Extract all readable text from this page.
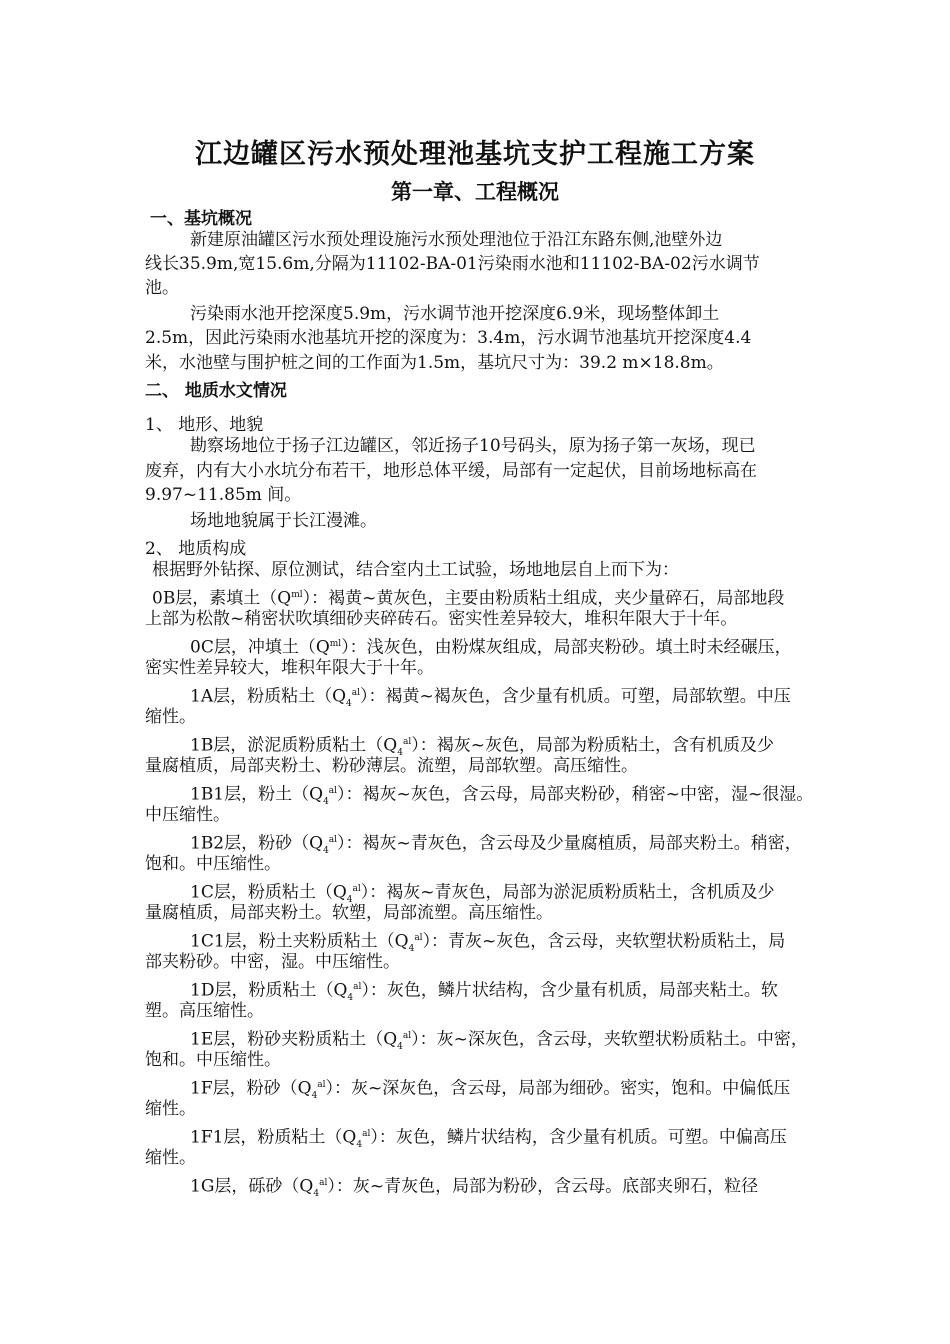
江边罐区污水预处理池基坑支护工程施工方案
第一章、工程概况
一、基坑概况
新建原油罐区污水预处理设施污水预处理池位于沿江东路东侧,池壁外边
线长35.9m,宽15.6m,分隔为11102-BA-01污染雨水池和11102-BA-02污水调节
池。
污染雨水池开挖深度5.9m，污水调节池开挖深度6.9米，现场整体卸土
2.5m，因此污染雨水池基坑开挖的深度为：3.4m，污水调节池基坑开挖深度4.4
米，水池壁与围护桩之间的工作面为1.5m，基坑尺寸为：39.2 m×18.8m。
二、 地质水文情况
1、 地形、地貌
勘察场地位于扬子江边罐区，邻近扬子10号码头，原为扬子第一灰场，现已
废弃，内有大小水坑分布若干，地形总体平缓，局部有一定起伏，目前场地标高在
9.97~11.85m 间。
场地地貌属于长江漫滩。
2、 地质构成
根据野外钻探、原位测试，结合室内土工试验，场地地层自上而下为：
0B层，素填土$(Q^{ml})$：褐黄~黄灰色，主要由粉质粘土组成，夹少量碎石，局部地段
上部为松散~稍密状吹填细砂夹碎砖石。密实性差异较大，堆积年限大于十年。
0C层，冲填土$(Q^{ml})$：浅灰色，由粉煤灰组成，局部夹粉砂。填土时未经碾压，
密实性差异较大，堆积年限大于十年。
1A层，粉质粘土$(Q_4^{al})$：褐黄~褐灰色，含少量有机质。可塑，局部软塑。中压
缩性。
1B层，淤泥质粉质粘土$(Q_4^{al})$：褐灰~灰色，局部为粉质粘土，含有机质及少
量腐植质，局部夹粉土、粉砂薄层。流塑，局部软塑。高压缩性。
1B1层，粉土$(Q_4^{al})$：褐灰~灰色，含云母，局部夹粉砂，稍密~中密，湿~很湿。
中压缩性。
1B2层，粉砂$(Q_4^{al})$：褐灰~青灰色，含云母及少量腐植质，局部夹粉土。稍密，
饱和。中压缩性。
1C层，粉质粘土$(Q_4^{al})$：褐灰~青灰色，局部为淤泥质粉质粘土，含机质及少
量腐植质，局部夹粉土。软塑，局部流塑。高压缩性。
1C1层，粉土夹粉质粘土$(Q_4^{al})$：青灰~灰色，含云母，夹软塑状粉质粘土，局
部夹粉砂。中密，湿。中压缩性。
1D层，粉质粘土$(Q_4^{al})$：灰色，鳞片状结构，含少量有机质，局部夹粘土。软
塑。高压缩性。
1E层，粉砂夹粉质粘土$(Q_4^{al})$：灰~深灰色，含云母，夹软塑状粉质粘土。中密，
饱和。中压缩性。
1F层，粉砂$(Q_4^{al})$：灰~深灰色，含云母，局部为细砂。密实，饱和。中偏低压
缩性。
1F1层，粉质粘土$(Q_4^{al})$：灰色，鳞片状结构，含少量有机质。可塑。中偏高压
缩性。
1G层，砾砂$(Q_4^{al})$：灰~青灰色，局部为粉砂，含云母。底部夹卵石，粒径
